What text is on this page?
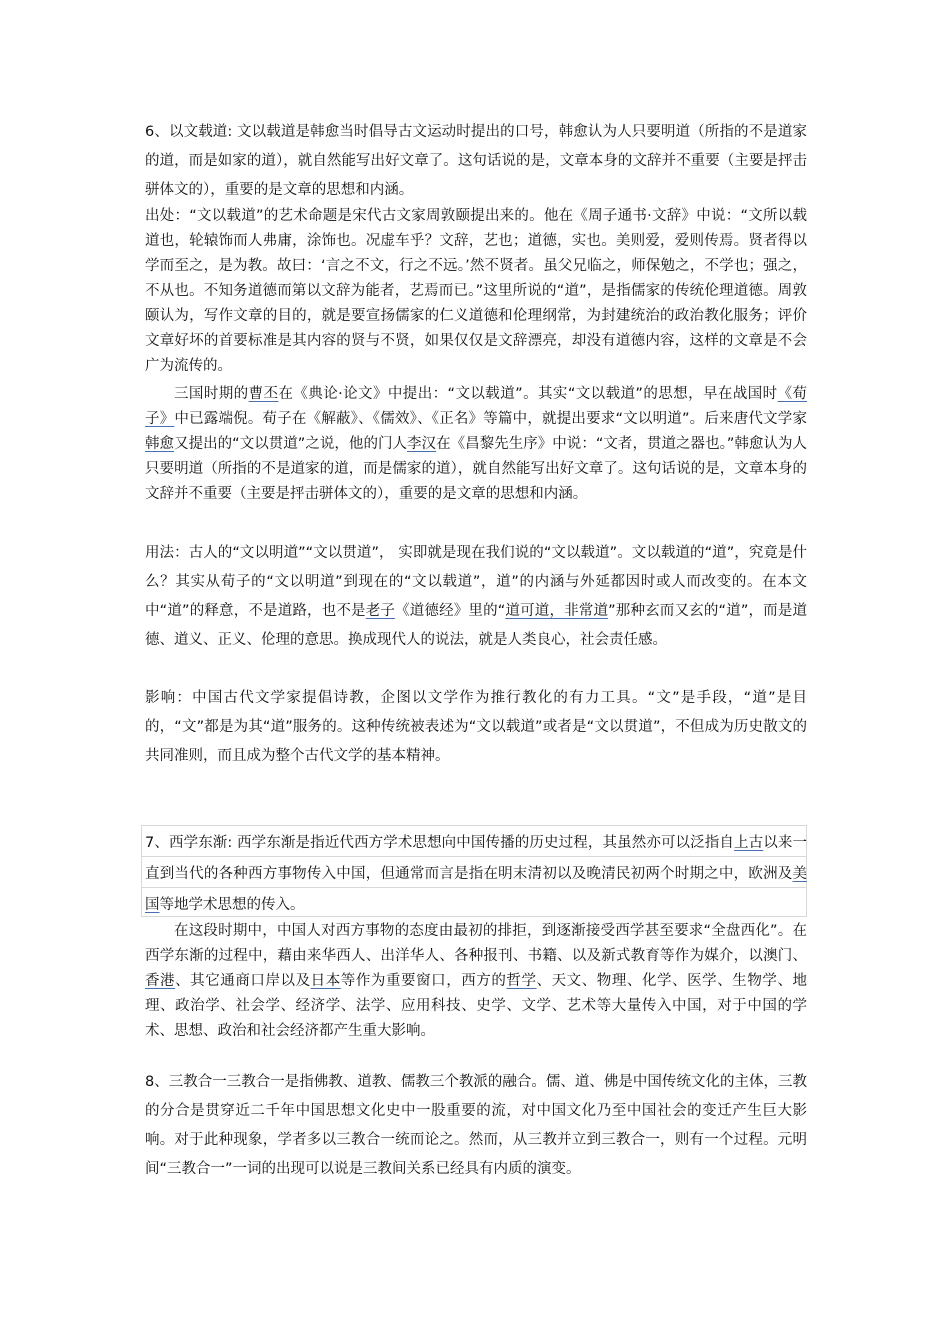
6、以文载道: 文以载道是韩愈当时倡导古文运动时提出的口号，韩愈认为人只要明道（所指的不是道家的道，而是如家的道），就自然能写出好文章了。这句话说的是，文章本身的文辞并不重要（主要是抨击骈体文的），重要的是文章的思想和内涵。

出处：“文以载道”的艺术命题是宋代古文家周敦颐提出来的。他在《周子通书·文辞》中说：“文所以载道也，轮辕饰而人弗庸，涂饰也。况虚车乎？文辞，艺也；道德，实也。美则爱，爱则传焉。贤者得以学而至之，是为教。故曰：‘言之不文，行之不远。’然不贤者。虽父兄临之，师保勉之，不学也；强之，不从也。不知务道德而第以文辞为能者，艺焉而已。”这里所说的“道”，是指儒家的传统伦理道德。周敦颐认为，写作文章的目的，就是要宣扬儒家的仁义道德和伦理纲常，为封建统治的政治教化服务；评价文章好坏的首要标准是其内容的贤与不贤，如果仅仅是文辞漂亮，却没有道德内容，这样的文章是不会广为流传的。

三国时期的曹丕在《典论·论文》中提出：“文以载道”。其实“文以载道”的思想，早在战国时《荀子》中已露端倪。荀子在《解蔽》、《儒效》、《正名》等篇中，就提出要求“文以明道”。后来唐代文学家韩愈又提出的“文以贯道”之说，他的门人李汉在《昌黎先生序》中说：“文者，贯道之器也。”韩愈认为人只要明道（所指的不是道家的道，而是儒家的道），就自然能写出好文章了。这句话说的是，文章本身的文辞并不重要（主要是抨击骈体文的），重要的是文章的思想和内涵。

用法：古人的“文以明道”“文以贯道”， 实即就是现在我们说的“文以载道”。文以载道的“道”，究竟是什么？其实从荀子的“文以明道”到现在的“文以载道”，道”的内涵与外延都因时或人而改变的。在本文中“道”的释意，不是道路，也不是老子《道德经》里的“道可道，非常道”那种玄而又玄的“道”，而是道德、道义、正义、伦理的意思。换成现代人的说法，就是人类良心，社会责任感。

影响：中国古代文学家提倡诗教，企图以文学作为推行教化的有力工具。“文”是手段，“道”是目的，“文”都是为其“道”服务的。这种传统被表述为“文以载道”或者是“文以贯道”，不但成为历史散文的共同准则，而且成为整个古代文学的基本精神。

7、西学东渐: 西学东渐是指近代西方学术思想向中国传播的历史过程，其虽然亦可以泛指自上古以来一直到当代的各种西方事物传入中国，但通常而言是指在明末清初以及晚清民初两个时期之中，欧洲及美国等地学术思想的传入。

在这段时期中，中国人对西方事物的态度由最初的排拒，到逐渐接受西学甚至要求“全盘西化”。在西学东渐的过程中，藉由来华西人、出洋华人、各种报刊、书籍、以及新式教育等作为媒介，以澳门、香港、其它通商口岸以及日本等作为重要窗口，西方的哲学、天文、物理、化学、医学、生物学、地理、政治学、社会学、经济学、法学、应用科技、史学、文学、艺术等大量传入中国，对于中国的学术、思想、政治和社会经济都产生重大影响。

8、三教合一三教合一是指佛教、道教、儒教三个教派的融合。儒、道、佛是中国传统文化的主体，三教的分合是贯穿近二千年中国思想文化史中一股重要的流，对中国文化乃至中国社会的变迁产生巨大影响。对于此种现象，学者多以三教合一统而论之。然而，从三教并立到三教合一，则有一个过程。元明间“三教合一”一词的出现可以说是三教间关系已经具有内质的演变。
